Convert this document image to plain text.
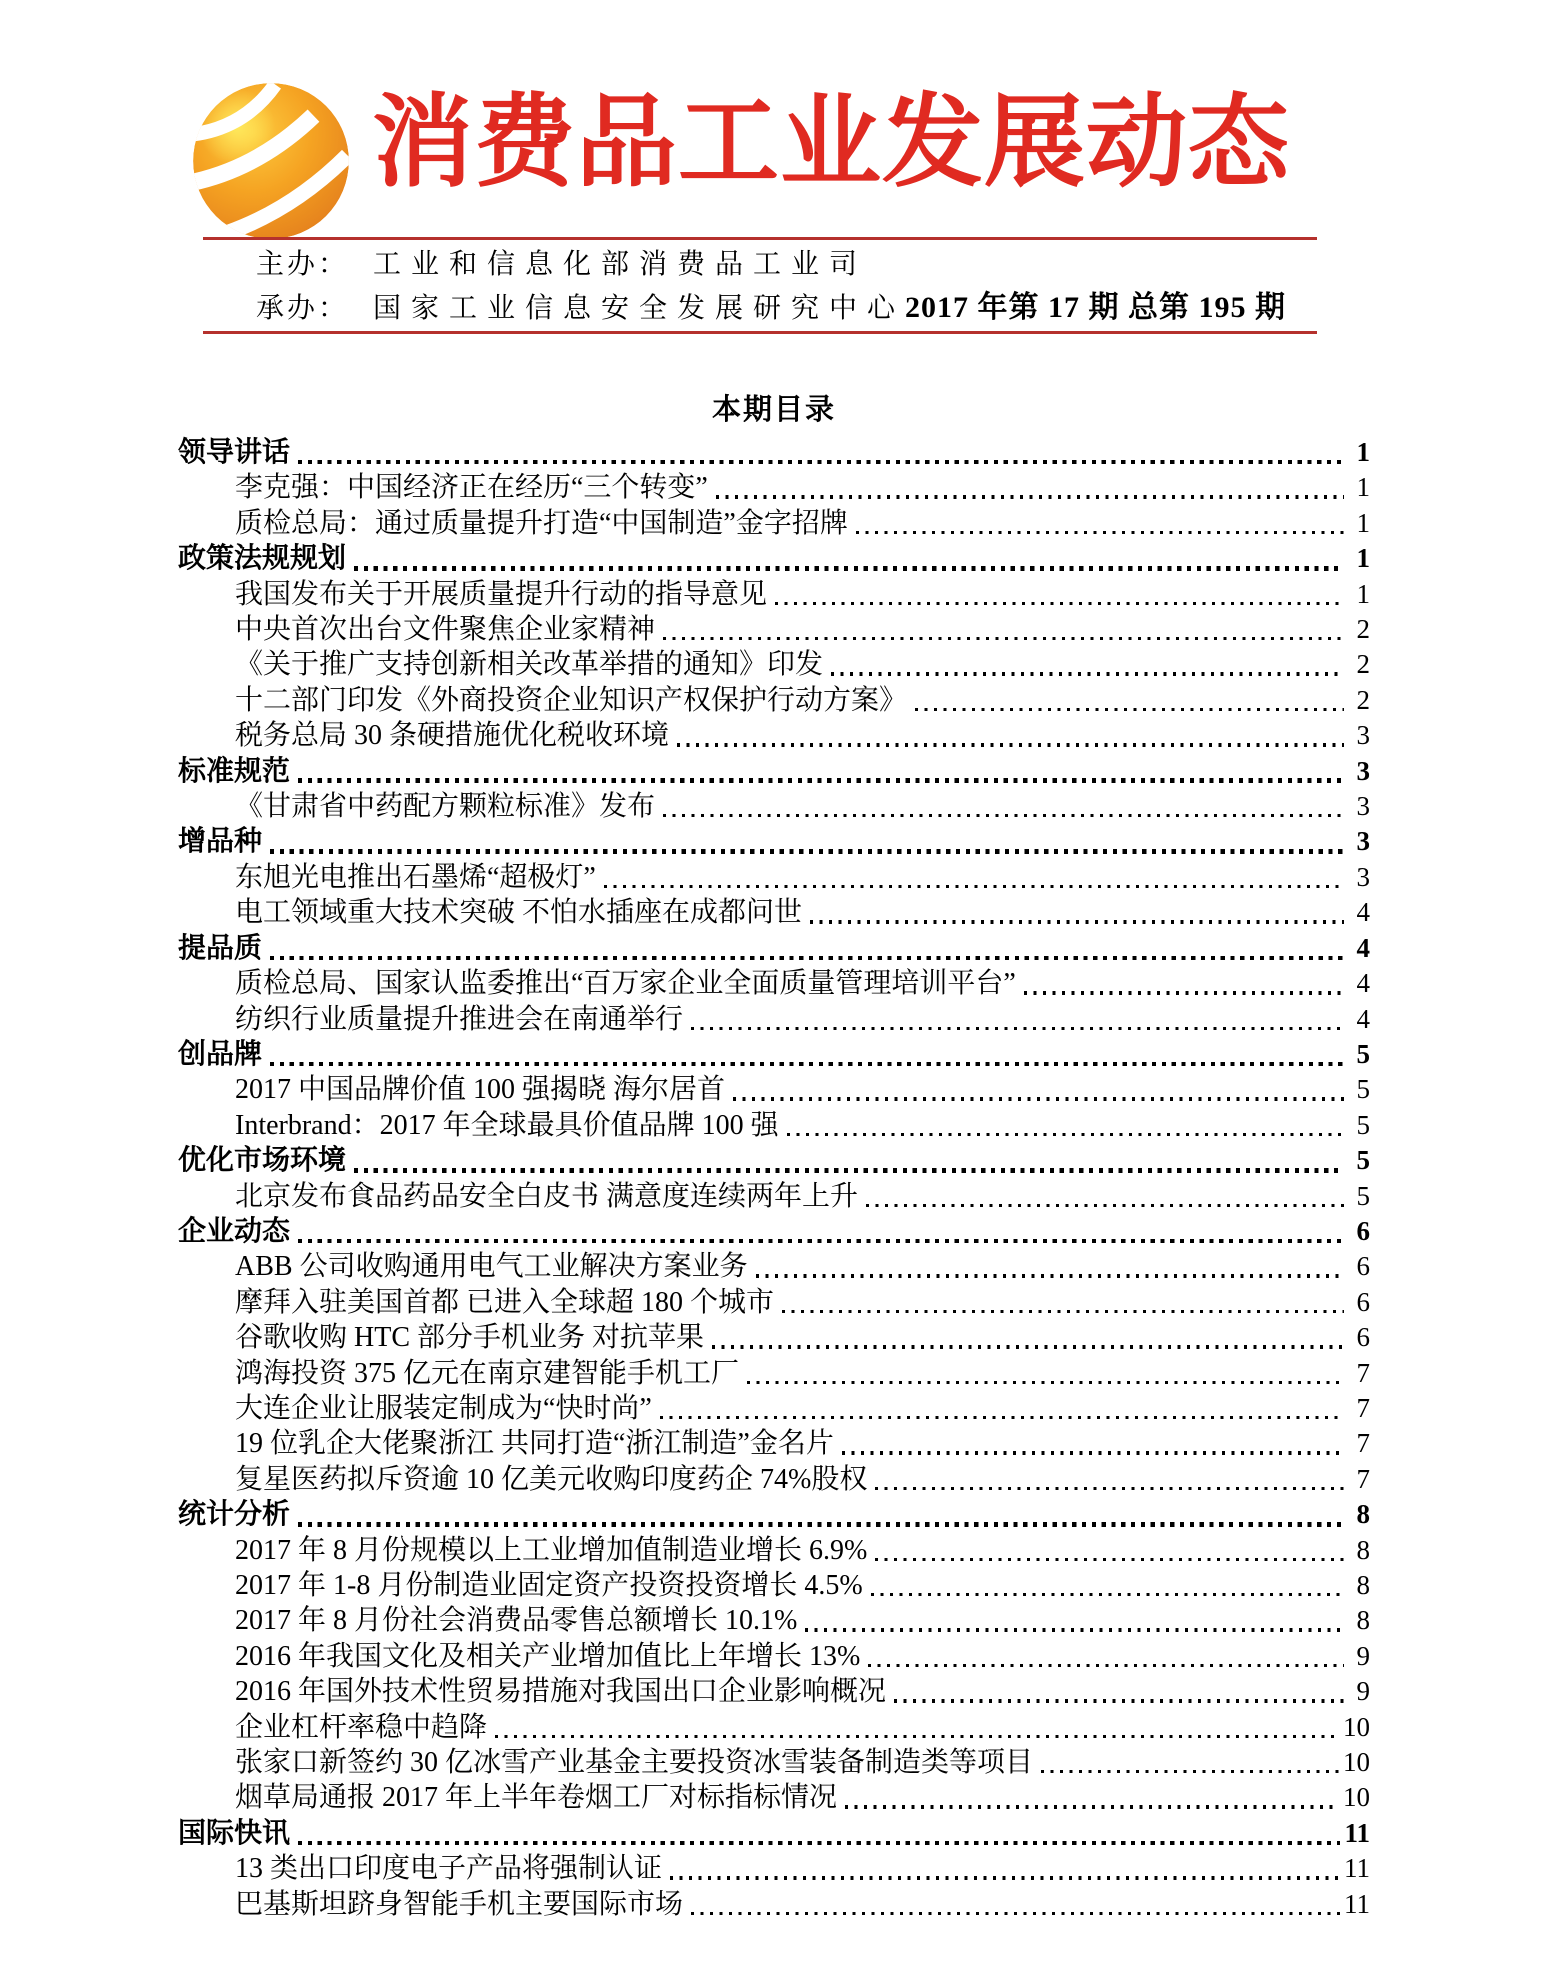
消费品工业发展动态
主办： 工业和信息化部消费品工业司
承办： 国家工业信息安全发展研究中心 2017 年第 17 期 总第 195 期
本期目录
领导讲话	1
李克强：中国经济正在经历“三个转变”	1
质检总局：通过质量提升打造“中国制造”金字招牌	1
政策法规规划	1
我国发布关于开展质量提升行动的指导意见	1
中央首次出台文件聚焦企业家精神	2
《关于推广支持创新相关改革举措的通知》印发	2
十二部门印发《外商投资企业知识产权保护行动方案》	2
税务总局 30 条硬措施优化税收环境	3
标准规范	3
《甘肃省中药配方颗粒标准》发布	3
增品种	3
东旭光电推出石墨烯“超极灯”	3
电工领域重大技术突破 不怕水插座在成都问世	4
提品质	4
质检总局、国家认监委推出“百万家企业全面质量管理培训平台”	4
纺织行业质量提升推进会在南通举行	4
创品牌	5
2017 中国品牌价值 100 强揭晓 海尔居首	5
Interbrand：2017 年全球最具价值品牌 100 强	5
优化市场环境	5
北京发布食品药品安全白皮书 满意度连续两年上升	5
企业动态	6
ABB 公司收购通用电气工业解决方案业务	6
摩拜入驻美国首都 已进入全球超 180 个城市	6
谷歌收购 HTC 部分手机业务 对抗苹果	6
鸿海投资 375 亿元在南京建智能手机工厂	7
大连企业让服装定制成为“快时尚”	7
19 位乳企大佬聚浙江 共同打造“浙江制造”金名片	7
复星医药拟斥资逾 10 亿美元收购印度药企 74%股权	7
统计分析	8
2017 年 8 月份规模以上工业增加值制造业增长 6.9%	8
2017 年 1-8 月份制造业固定资产投资投资增长 4.5%	8
2017 年 8 月份社会消费品零售总额增长 10.1%	8
2016 年我国文化及相关产业增加值比上年增长 13%	9
2016 年国外技术性贸易措施对我国出口企业影响概况	9
企业杠杆率稳中趋降	10
张家口新签约 30 亿冰雪产业基金主要投资冰雪装备制造类等项目	10
烟草局通报 2017 年上半年卷烟工厂对标指标情况	10
国际快讯	11
13 类出口印度电子产品将强制认证	11
巴基斯坦跻身智能手机主要国际市场	11
